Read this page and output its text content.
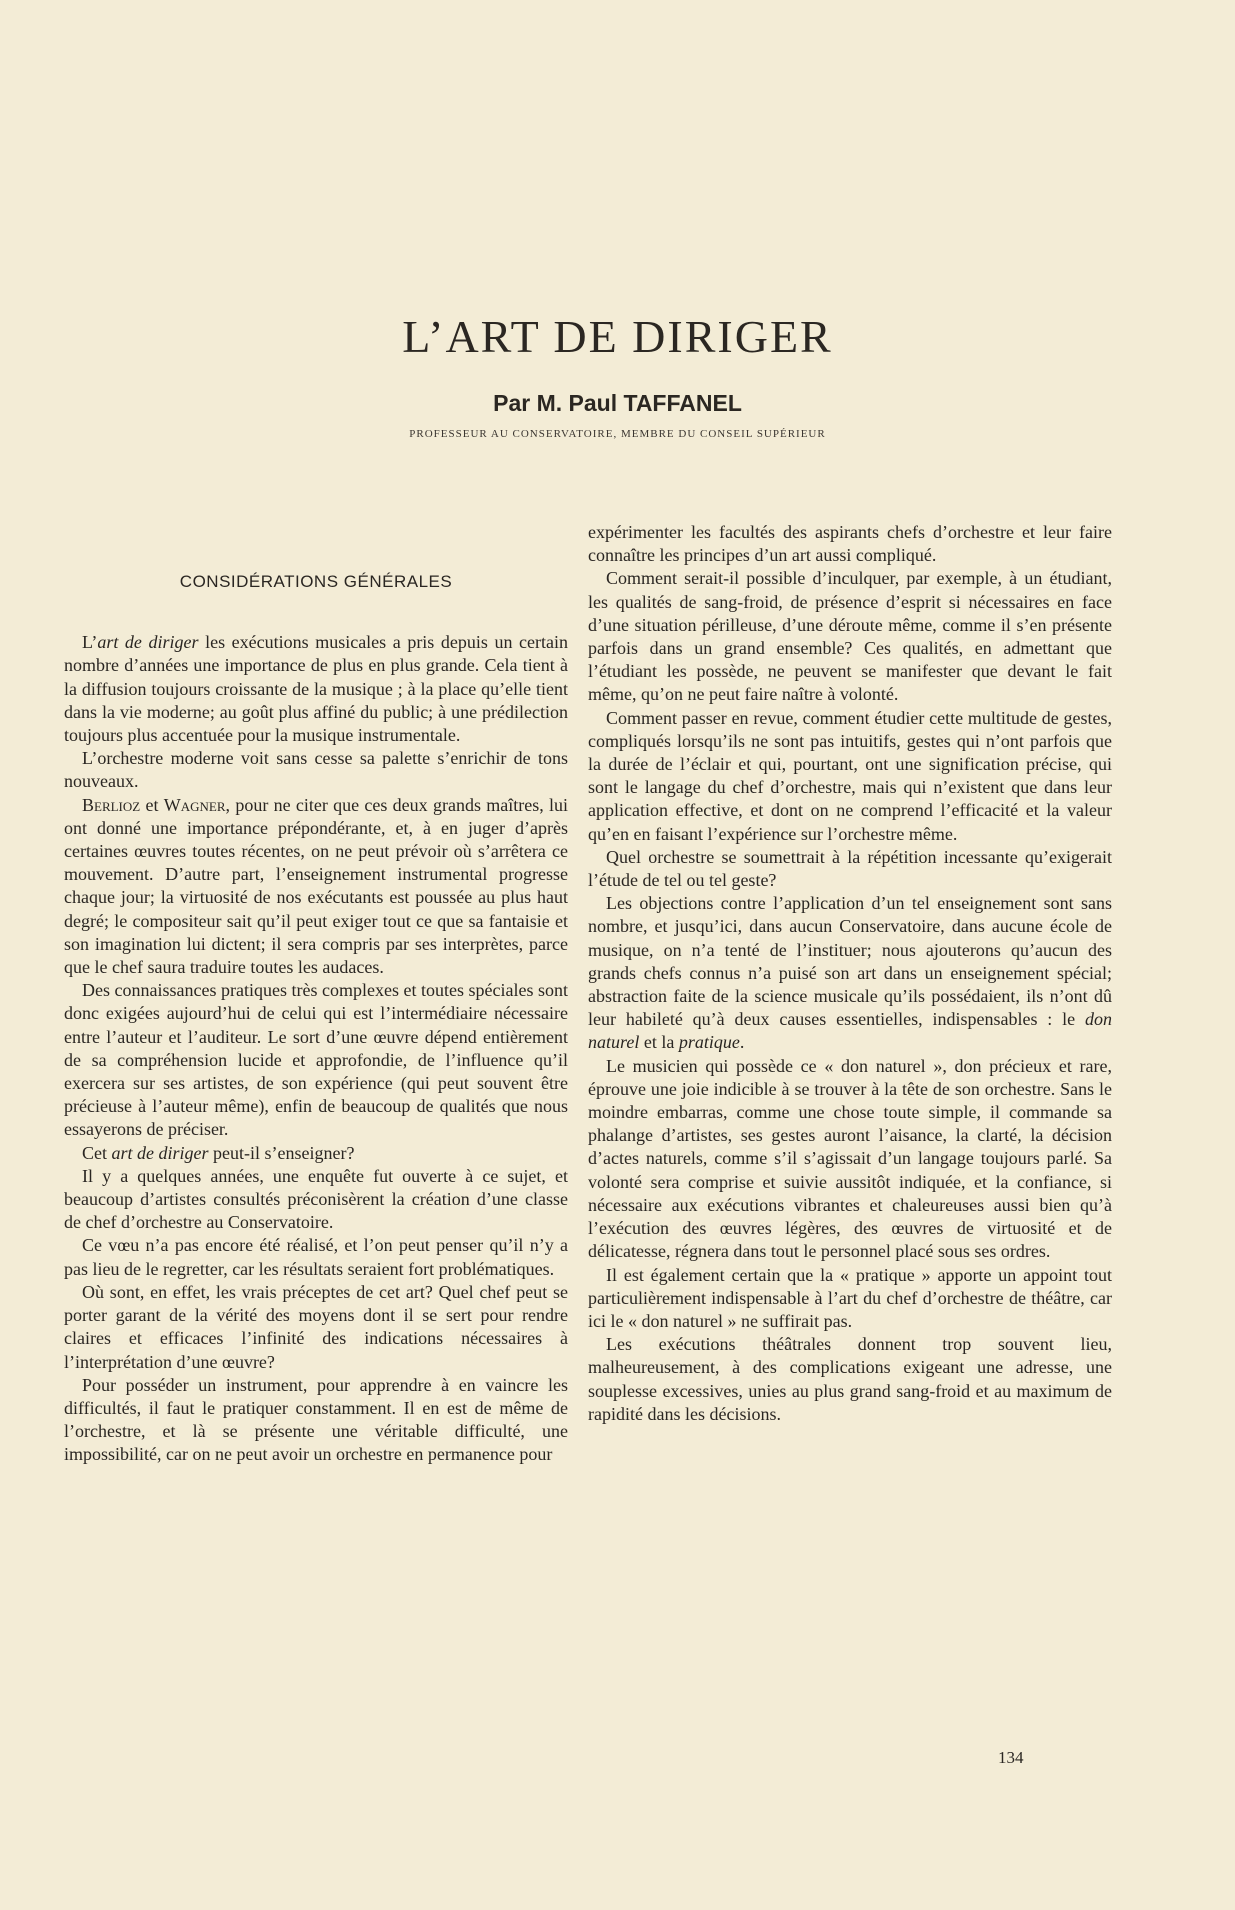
L’ART DE DIRIGER
Par M. Paul TAFFANEL
PROFESSEUR AU CONSERVATOIRE, MEMBRE DU CONSEIL SUPÉRIEUR
CONSIDÉRATIONS GÉNÉRALES

L’art de diriger les exécutions musicales a pris depuis un certain nombre d’années une importance de plus en plus grande. Cela tient à la diffusion toujours croissante de la musique ; à la place qu’elle tient dans la vie moderne; au goût plus affiné du public; à une prédilection toujours plus accentuée pour la musique instrumentale.

L’orchestre moderne voit sans cesse sa palette s’enrichir de tons nouveaux.

Berlioz et Wagner, pour ne citer que ces deux grands maîtres, lui ont donné une importance prépondérante, et, à en juger d’après certaines œuvres toutes récentes, on ne peut prévoir où s’arrêtera ce mouvement. D’autre part, l’enseignement instrumental progresse chaque jour; la virtuosité de nos exécutants est poussée au plus haut degré; le compositeur sait qu’il peut exiger tout ce que sa fantaisie et son imagination lui dictent; il sera compris par ses interprètes, parce que le chef saura traduire toutes les audaces.

Des connaissances pratiques très complexes et toutes spéciales sont donc exigées aujourd’hui de celui qui est l’intermédiaire nécessaire entre l’auteur et l’auditeur. Le sort d’une œuvre dépend entièrement de sa compréhension lucide et approfondie, de l’influence qu’il exercera sur ses artistes, de son expérience (qui peut souvent être précieuse à l’auteur même), enfin de beaucoup de qualités que nous essayerons de préciser.

Cet art de diriger peut-il s’enseigner?

Il y a quelques années, une enquête fut ouverte à ce sujet, et beaucoup d’artistes consultés préconisèrent la création d’une classe de chef d’orchestre au Conservatoire.

Ce vœu n’a pas encore été réalisé, et l’on peut penser qu’il n’y a pas lieu de le regretter, car les résultats seraient fort problématiques.

Où sont, en effet, les vrais préceptes de cet art? Quel chef peut se porter garant de la vérité des moyens dont il se sert pour rendre claires et efficaces l’infinité des indications nécessaires à l’interprétation d’une œuvre?

Pour posséder un instrument, pour apprendre à en vaincre les difficultés, il faut le pratiquer constamment. Il en est de même de l’orchestre, et là se présente une véritable difficulté, une impossibilité, car on ne peut avoir un orchestre en permanence pour

expérimenter les facultés des aspirants chefs d’orchestre et leur faire connaître les principes d’un art aussi compliqué.

Comment serait-il possible d’inculquer, par exemple, à un étudiant, les qualités de sang-froid, de présence d’esprit si nécessaires en face d’une situation périlleuse, d’une déroute même, comme il s’en présente parfois dans un grand ensemble? Ces qualités, en admettant que l’étudiant les possède, ne peuvent se manifester que devant le fait même, qu’on ne peut faire naître à volonté.

Comment passer en revue, comment étudier cette multitude de gestes, compliqués lorsqu’ils ne sont pas intuitifs, gestes qui n’ont parfois que la durée de l’éclair et qui, pourtant, ont une signification précise, qui sont le langage du chef d’orchestre, mais qui n’existent que dans leur application effective, et dont on ne comprend l’efficacité et la valeur qu’en en faisant l’expérience sur l’orchestre même.

Quel orchestre se soumettrait à la répétition incessante qu’exigerait l’étude de tel ou tel geste?

Les objections contre l’application d’un tel enseignement sont sans nombre, et jusqu’ici, dans aucun Conservatoire, dans aucune école de musique, on n’a tenté de l’instituer; nous ajouterons qu’aucun des grands chefs connus n’a puisé son art dans un enseignement spécial; abstraction faite de la science musicale qu’ils possédaient, ils n’ont dû leur habileté qu’à deux causes essentielles, indispensables : le don naturel et la pratique.

Le musicien qui possède ce « don naturel », don précieux et rare, éprouve une joie indicible à se trouver à la tête de son orchestre. Sans le moindre embarras, comme une chose toute simple, il commande sa phalange d’artistes, ses gestes auront l’aisance, la clarté, la décision d’actes naturels, comme s’il s’agissait d’un langage toujours parlé. Sa volonté sera comprise et suivie aussitôt indiquée, et la confiance, si nécessaire aux exécutions vibrantes et chaleureuses aussi bien qu’à l’exécution des œuvres légères, des œuvres de virtuosité et de délicatesse, régnera dans tout le personnel placé sous ses ordres.

Il est également certain que la « pratique » apporte un appoint tout particulièrement indispensable à l’art du chef d’orchestre de théâtre, car ici le « don naturel » ne suffirait pas.

Les exécutions théâtrales donnent trop souvent lieu, malheureusement, à des complications exigeant une adresse, une souplesse excessives, unies au plus grand sang-froid et au maximum de rapidité dans les décisions.

134
